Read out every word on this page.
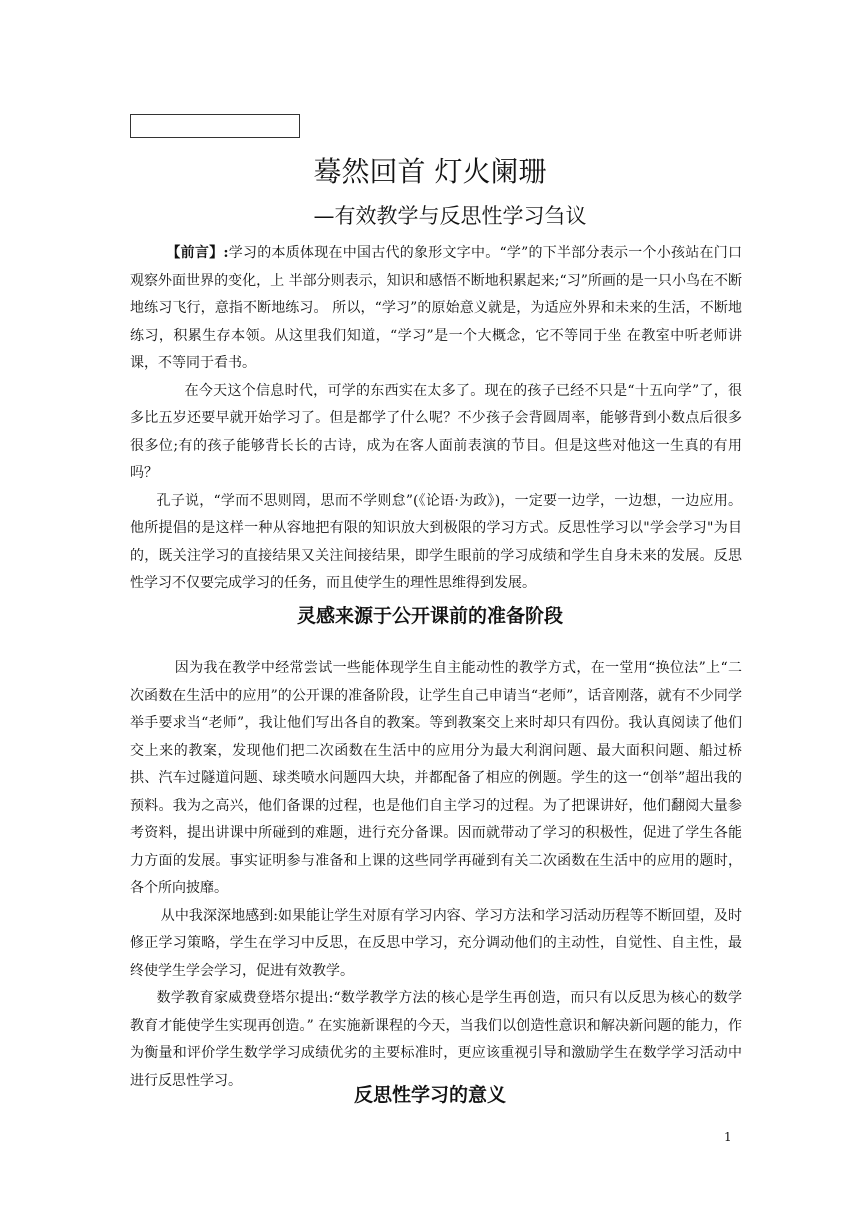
蓦然回首 灯火阑珊
—有效教学与反思性学习刍议

【前言】:学习的本质体现在中国古代的象形文字中。“学”的下半部分表示一个小孩站在门口观察外面世界的变化，上 半部分则表示，知识和感悟不断地积累起来;“习”所画的是一只小鸟在不断地练习飞行，意指不断地练习。 所以，“学习”的原始意义就是，为适应外界和未来的生活，不断地练习，积累生存本领。从这里我们知道，“学习”是一个大概念，它不等同于坐 在教室中听老师讲课，不等同于看书。

在今天这个信息时代，可学的东西实在太多了。现在的孩子已经不只是“十五向学”了，很多比五岁还要早就开始学习了。但是都学了什么呢？不少孩子会背圆周率，能够背到小数点后很多很多位;有的孩子能够背长长的古诗，成为在客人面前表演的节目。但是这些对他这一生真的有用吗？

孔子说，“学而不思则罔，思而不学则怠”(《论语·为政》)，一定要一边学，一边想，一边应用。他所提倡的是这样一种从容地把有限的知识放大到极限的学习方式。反思性学习以"学会学习"为目的，既关注学习的直接结果又关注间接结果，即学生眼前的学习成绩和学生自身未来的发展。反思性学习不仅要完成学习的任务，而且使学生的理性思维得到发展。

灵感来源于公开课前的准备阶段

因为我在教学中经常尝试一些能体现学生自主能动性的教学方式，在一堂用“换位法”上“二次函数在生活中的应用”的公开课的准备阶段，让学生自己申请当“老师”，话音刚落，就有不少同学举手要求当“老师”，我让他们写出各自的教案。等到教案交上来时却只有四份。我认真阅读了他们交上来的教案，发现他们把二次函数在生活中的应用分为最大利润问题、最大面积问题、船过桥拱、汽车过隧道问题、球类喷水问题四大块，并都配备了相应的例题。学生的这一“创举”超出我的预料。我为之高兴，他们备课的过程，也是他们自主学习的过程。为了把课讲好，他们翻阅大量参考资料，提出讲课中所碰到的难题，进行充分备课。因而就带动了学习的积极性，促进了学生各能力方面的发展。事实证明参与准备和上课的这些同学再碰到有关二次函数在生活中的应用的题时，各个所向披靡。

从中我深深地感到:如果能让学生对原有学习内容、学习方法和学习活动历程等不断回望，及时修正学习策略，学生在学习中反思，在反思中学习，充分调动他们的主动性，自觉性、自主性，最终使学生学会学习，促进有效教学。

数学教育家威费登塔尔提出:“数学教学方法的核心是学生再创造，而只有以反思为核心的数学教育才能使学生实现再创造。” 在实施新课程的今天，当我们以创造性意识和解决新问题的能力，作为衡量和评价学生数学学习成绩优劣的主要标准时，更应该重视引导和激励学生在数学学习活动中进行反思性学习。

反思性学习的意义
1
